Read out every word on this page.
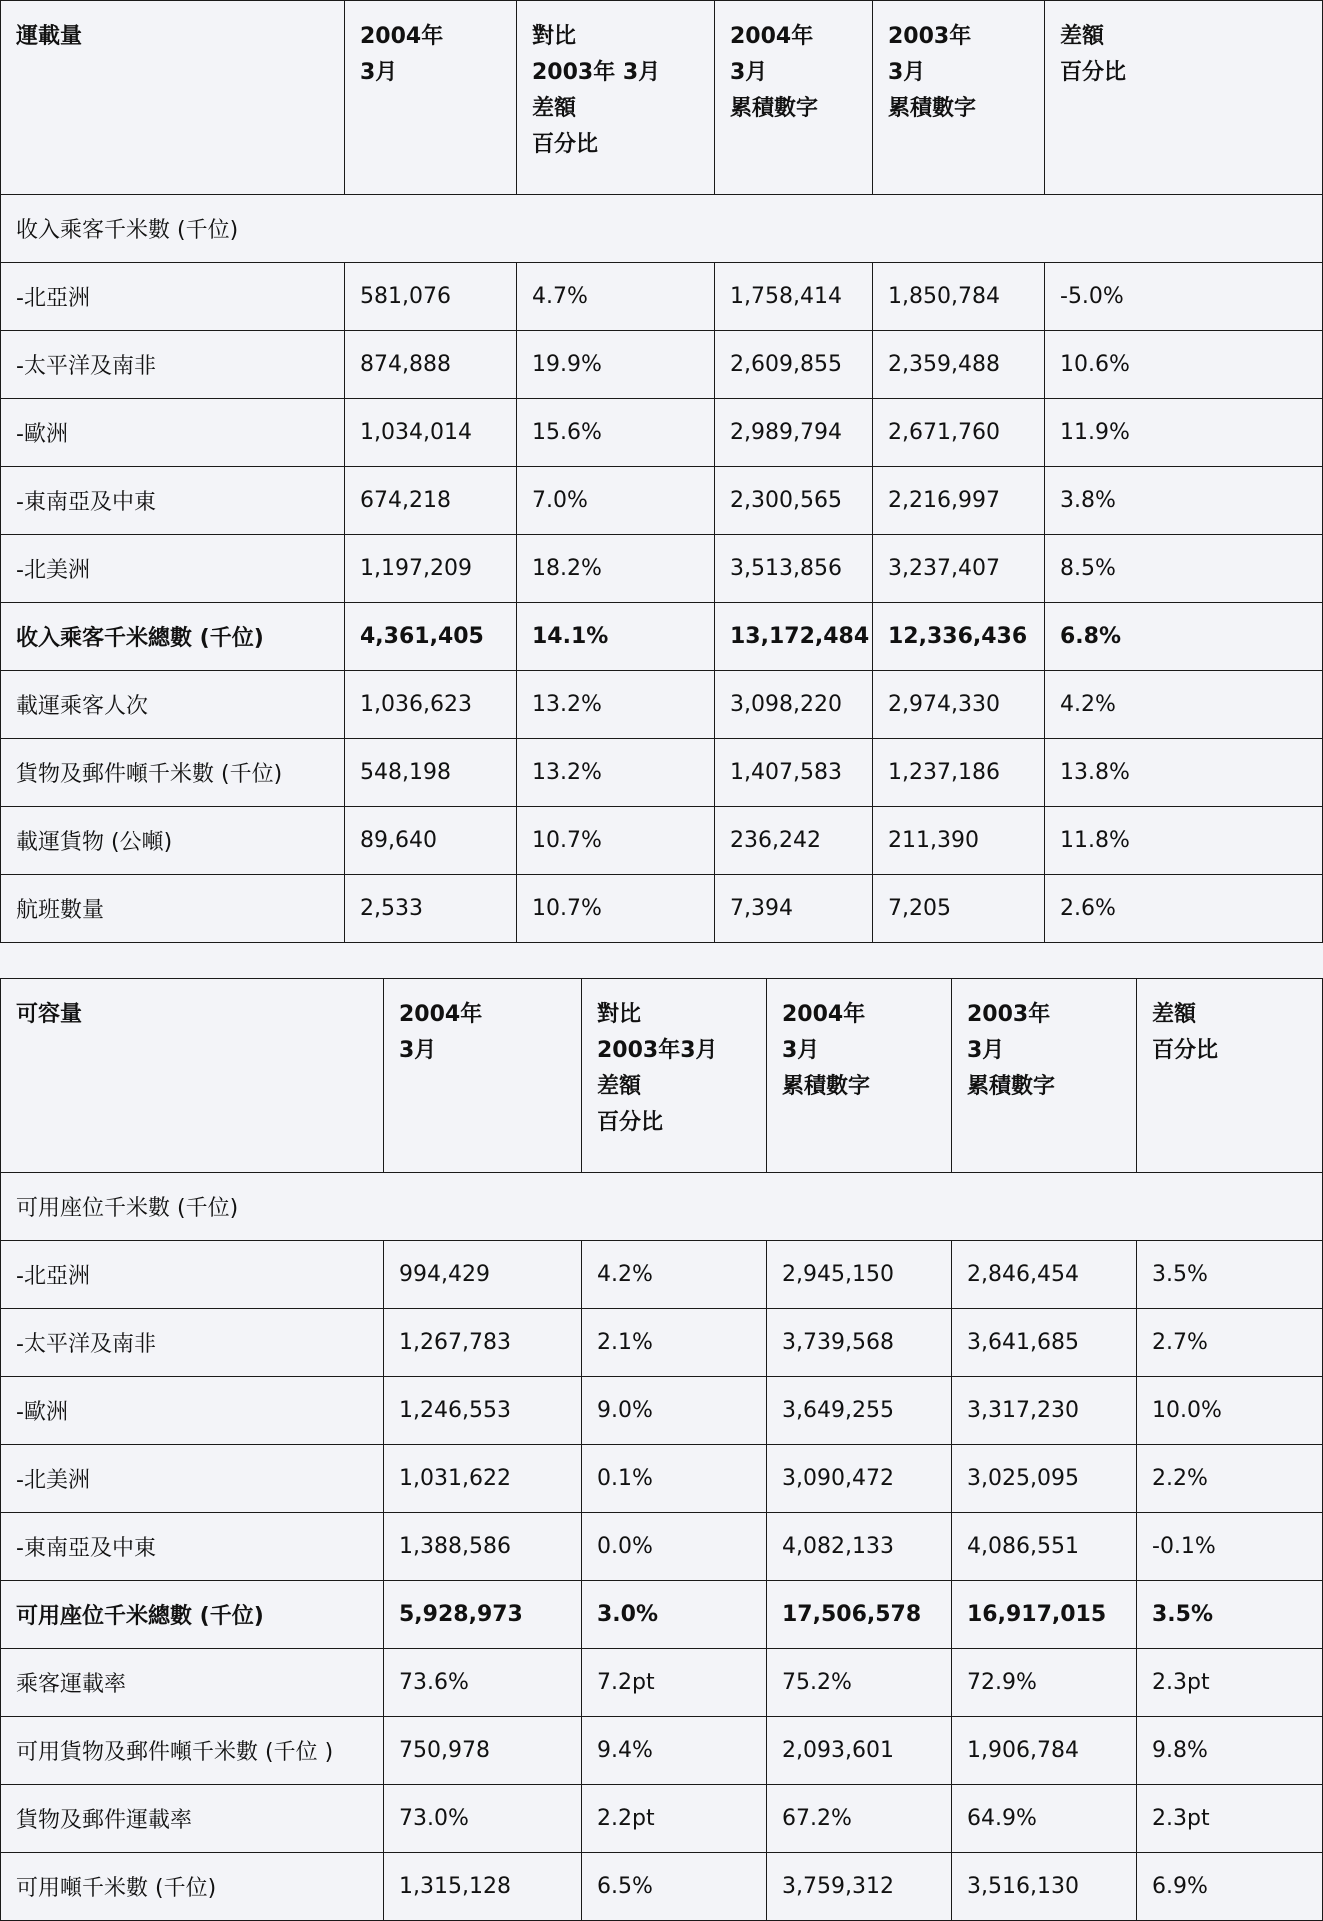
運載量	2004年
3月	對比
2003年 3月
差額
百分比	2004年
3月
累積數字	2003年
3月
累積數字	差額
百分比

收入乘客千米數 (千位)					
-北亞洲	581,076	4.7%	1,758,414	1,850,784	-5.0%
-太平洋及南非	874,888	19.9%	2,609,855	2,359,488	10.6%
-歐洲	1,034,014	15.6%	2,989,794	2,671,760	11.9%
-東南亞及中東	674,218	7.0%	2,300,565	2,216,997	3.8%
-北美洲	1,197,209	18.2%	3,513,856	3,237,407	8.5%
收入乘客千米總數 (千位)	4,361,405	14.1%	13,172,484	12,336,436	6.8%
載運乘客人次	1,036,623	13.2%	3,098,220	2,974,330	4.2%
貨物及郵件噸千米數 (千位)	548,198	13.2%	1,407,583	1,237,186	13.8%
載運貨物 (公噸)	89,640	10.7%	236,242	211,390	11.8%
航班數量	2,533	10.7%	7,394	7,205	2.6%
可容量	2004年
3月	對比
2003年3月
差額
百分比	2004年
3月
累積數字	2003年
3月
累積數字	差額
百分比

可用座位千米數 (千位)					
-北亞洲	994,429	4.2%	2,945,150	2,846,454	3.5%
-太平洋及南非	1,267,783	2.1%	3,739,568	3,641,685	2.7%
-歐洲	1,246,553	9.0%	3,649,255	3,317,230	10.0%
-北美洲	1,031,622	0.1%	3,090,472	3,025,095	2.2%
-東南亞及中東	1,388,586	0.0%	4,082,133	4,086,551	-0.1%
可用座位千米總數 (千位)	5,928,973	3.0%	17,506,578	16,917,015	3.5%
乘客運載率	73.6%	7.2pt	75.2%	72.9%	2.3pt
可用貨物及郵件噸千米數 (千位 )	750,978	9.4%	2,093,601	1,906,784	9.8%
貨物及郵件運載率	73.0%	2.2pt	67.2%	64.9%	2.3pt
可用噸千米數 (千位)	1,315,128	6.5%	3,759,312	3,516,130	6.9%
